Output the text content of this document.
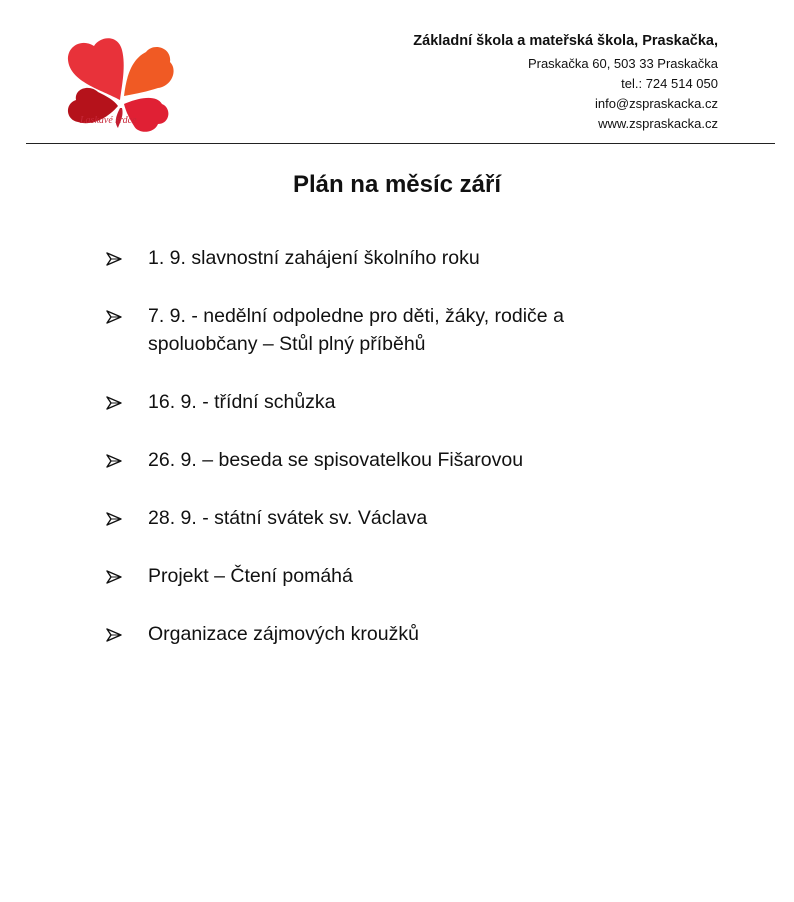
Laskavé srdce
Základní škola a mateřská škola, Praskačka,
Praskačka 60, 503 33 Praskačka
tel.: 724 514 050
info@zspraskacka.cz
www.zspraskacka.cz
Plán na měsíc září
1. 9. slavnostní zahájení školního roku
7. 9. - nedělní odpoledne pro děti, žáky, rodiče a
spoluobčany – Stůl plný příběhů
16. 9. - třídní schůzka
26. 9. – beseda se spisovatelkou Fišarovou
28. 9. - státní svátek sv. Václava
Projekt – Čtení pomáhá
Organizace zájmových kroužků
